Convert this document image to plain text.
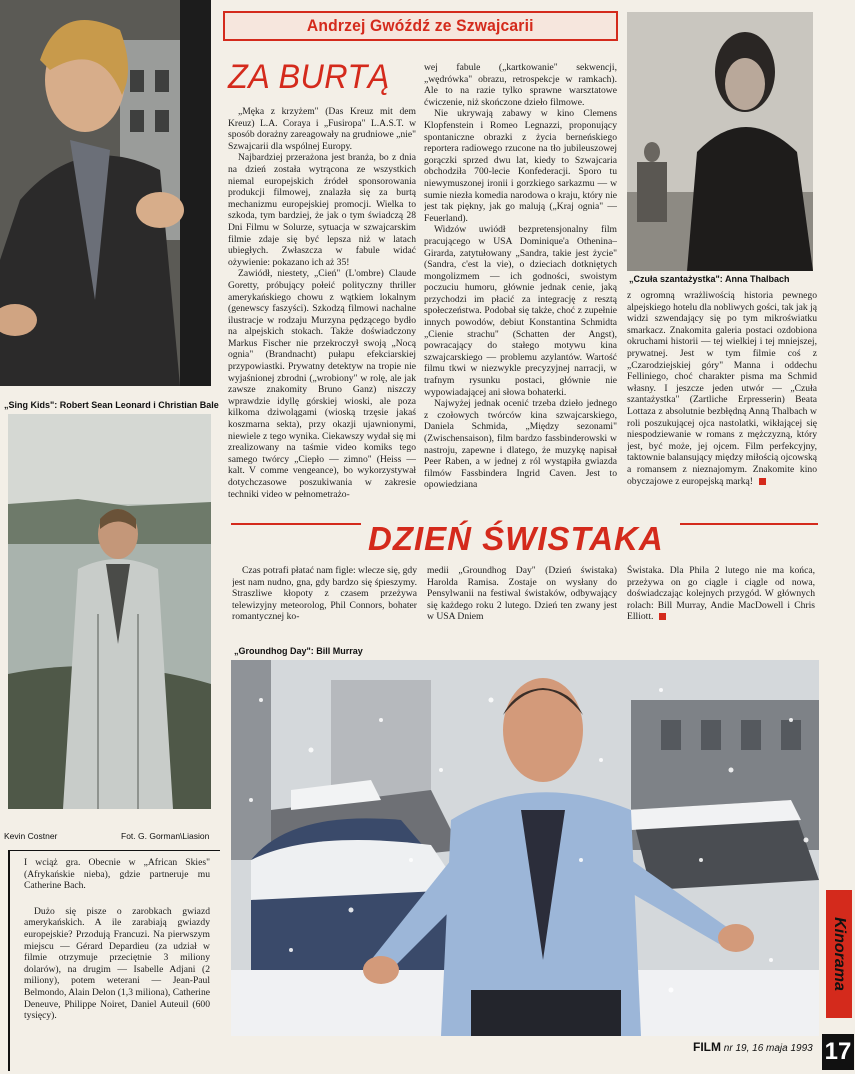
Andrzej Gwóźdź ze Szwajcarii
ZA BURTĄ

„Męka z krzyżem" (Das Kreuz mit dem Kreuz) L.A. Coraya i „Fusiropa" L.A.S.T. w sposób dorażny zareagowały na grudniowe „nie" Szwajcarii dla wspólnej Europy.

Najbardziej przerażona jest branża, bo z dnia na dzień została wytrącona ze wszystkich niemal europejskich źródeł sponsorowania produkcji filmowej, znalazła się za burtą mechanizmu europejskiej promocji. Wielka to szkoda, tym bardziej, że jak o tym świadczą 28 Dni Filmu w Solurze, sytuacja w szwajcarskim filmie zdaje się być lepsza niż w latach ubiegłych. Zwłaszcza w fabule widać ożywienie: pokazano ich aż 35!

Zawiódł, niestety, „Cień" (L'ombre) Claude Goretty, próbujący połeić polityczny thriller amerykańskiego chowu z wątkiem lokalnym (genewscy faszyści). Szkodzą filmowi nachalne ilustracje w rodzaju Murzyna pędzącego bydło na alpejskich stokach. Także doświadczony Markus Fischer nie przekroczył swoją „Nocą ognia" (Brandnacht) pułapu efekciarskiej przypowiastki. Prywatny detektyw na tropie nie wyjaśnionej zbrodni („wrobiony" w rolę, ale jak zawsze znakomity Bruno Ganz) niszczy wprawdzie idyllę górskiej wioski, ale poza kilkoma dziwolągami (wioską trzęsie jakaś koszmarna sekta), przy okazji ujawnionymi, niewiele z tego wynika. Ciekawszy wydał się mi zrealizowany na taśmie video komiks tego samego twórcy „Ciepło — zimno" (Heiss — kalt. V comme vengeance), bo wykorzystywał dotychczasowe poszukiwania w zakresie techniki video w pełnometrażo-

wej fabule („kartkowanie" sekwencji, „wędrówka" obrazu, retrospekcje w ramkach). Ale to na razie tylko sprawne warsztatowe ćwiczenie, niż skończone dzieło filmowe.

Nie ukrywają zabawy w kino Clemens Klopfenstein i Romeo Legnazzi, proponujący spontaniczne obrazki z życia berneńskiego reportera radiowego rzucone na tło jubileuszowej gorączki sprzed dwu lat, kiedy to Szwajcaria obchodziła 700-lecie Konfederacji. Sporo tu niewymuszonej ironii i gorzkiego sarkazmu — w sumie niezła komedia narodowa o kraju, który nie jest tak piękny, jak go malują („Kraj ognia" — Feuerland).

Widzów uwiódł bezpretensjonalny film pracującego w USA Dominique'a Othenina–Girarda, zatytułowany „Sandra, takie jest życie" (Sandra, c'est la vie), o dzieciach dotkniętych mongolizmem — ich godności, swoistym poczuciu humoru, głównie jednak cenie, jaką przychodzi im płacić za integrację z resztą społeczeństwa. Podobał się także, choć z zupełnie innych powodów, debiut Konstantina Schmidta „Cienie strachu" (Schatten der Angst), powracający do stałego motywu kina szwajcarskiego — problemu azylantów. Wartość filmu tkwi w niezwykle precyzyjnej narracji, w trafnym rysunku postaci, głównie nie wypowiadającej ani słowa bohaterki.

Najwyżej jednak ocenić trzeba dzieło jednego z czołowych twórców kina szwajcarskiego, Daniela Schmida, „Między sezonami" (Zwischensaison), film bardzo fassbinderowski w nastroju, zapewne i dlatego, że muzykę napisał Peer Raben, a w jednej z ról wystąpiła gwiazda filmów Fassbindera Ingrid Caven. Jest to opowiedziana

z ogromną wrażliwością historia pewnego alpejskiego hotelu dla nobliwych gości, tak jak ją widzi szwendający się po tym mikroświatku smarkacz. Znakomita galeria postaci ozdobiona okruchami historii — tej wielkiej i tej mniejszej, prywatnej. Jest w tym filmie coś z „Czarodziejskiej góry" Manna i oddechu Felliniego, choć charakter pisma ma Schmid własny. I jeszcze jeden utwór — „Czuła szantażystka" (Zartliche Erpresserin) Beata Lottaza z absolutnie bezbłędną Anną Thalbach w roli poszukującej ojca nastolatki, wikłającej się niespodziewanie w romans z mężczyzną, który jest, być może, jej ojcem. Film perfekcyjny, taktownie balansujący między miłością ojcowską a romansem z nieznajomym. Znakomite kino obyczajowe z europejską marką!

„Sing Kids": Robert Sean Leonard i Christian Bale
„Czuła szantażystka": Anna Thalbach
„Groundhog Day": Bill Murray
Kevin Costner	Fot. G. Gorman\Liasion
DZIEŃ ŚWISTAKA

Czas potrafi płatać nam figle: wlecze się, gdy jest nam nudno, gna, gdy bardzo się śpieszymy. Straszliwe kłopoty z czasem przeżywa telewizyjny meteorolog, Phil Connors, bohater romantycznej ko-

medii „Groundhog Day" (Dzień świstaka) Harolda Ramisa. Zostaje on wysłany do Pensylwanii na festiwal świstaków, odbywający się każdego roku 2 lutego. Dzień ten zwany jest w USA Dniem

Świstaka. Dla Phila 2 lutego nie ma końca, przeżywa on go ciągle i ciągle od nowa, doświadczając kolejnych przygód. W głównych rolach: Bill Murray, Andie MacDowell i Chris Elliott.

I wciąż gra. Obecnie w „African Skies" (Afrykańskie nieba), gdzie partneruje mu Catherine Bach.

Dużo się pisze o zarobkach gwiazd amerykańskich. A ile zarabiają gwiazdy europejskie? Przodują Francuzi. Na pierwszym miejscu — Gérard Depardieu (za udział w filmie otrzymuje przeciętnie 3 miliony dolarów), na drugim — Isabelle Adjani (2 miliony), potem weterani — Jean-Paul Belmondo, Alain Delon (1,3 miliona), Catherine Deneuve, Philippe Noiret, Daniel Auteuil (600 tysięcy).

Kinorama
FILM nr 19, 16 maja 1993 17
